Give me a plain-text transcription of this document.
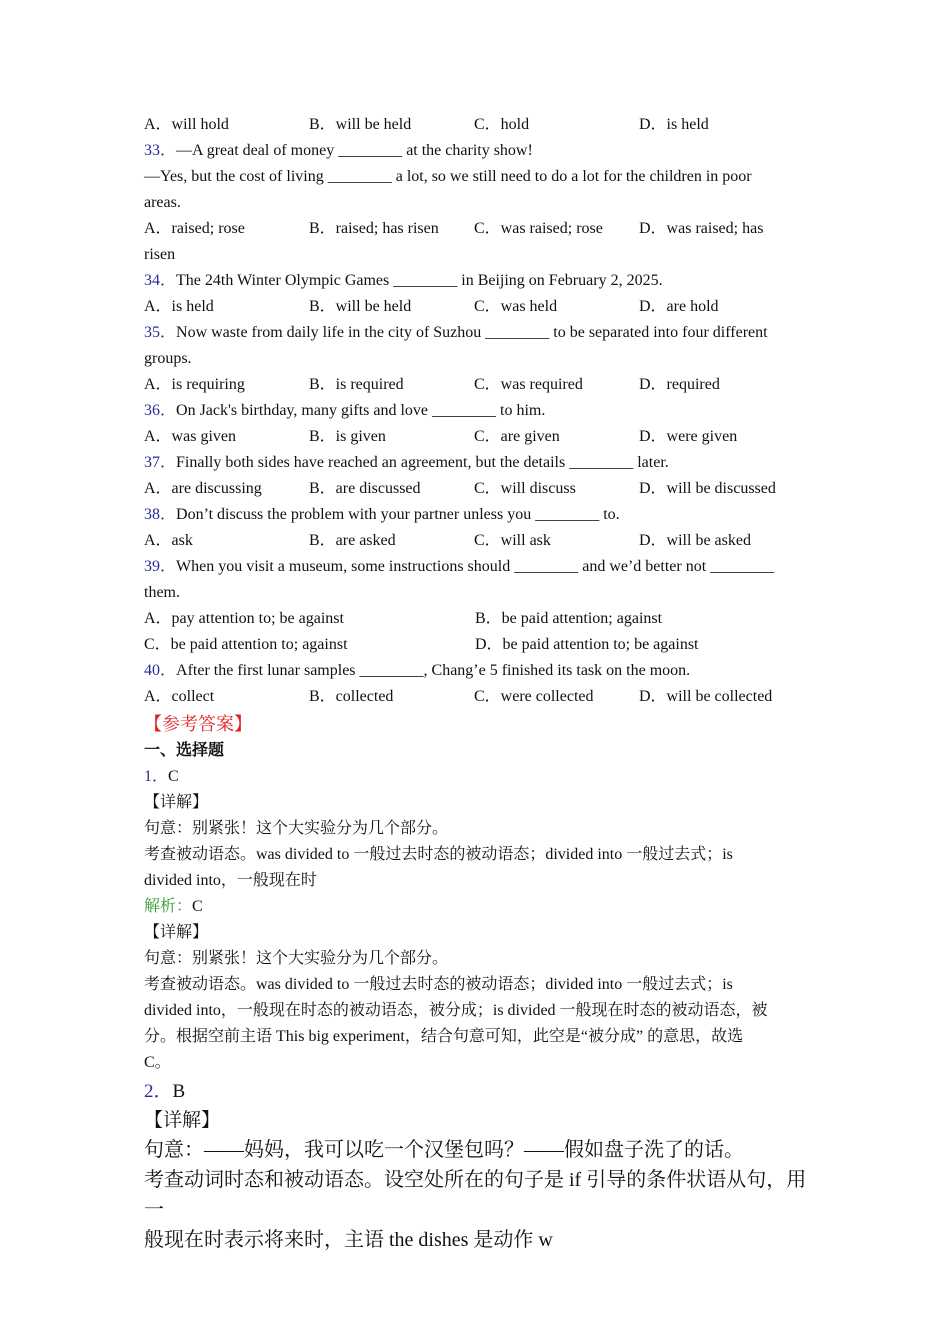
A．will hold	B．will be held	C．hold	D．is held
33．—A great deal of money ________ at the charity show!
—Yes, but the cost of living ________ a lot, so we still need to do a lot for the children in poor
areas.
A．raised; rose	B．raised; has risen	C．was raised; rose	D．was raised; has
risen
34．The 24th Winter Olympic Games ________ in Beijing on February 2, 2025.
A．is held	B．will be held	C．was held	D．are hold
35．Now waste from daily life in the city of Suzhou ________ to be separated into four different
groups.
A．is requiring	B．is required	C．was required	D．required
36．On Jack's birthday, many gifts and love ________ to him.
A．was given	B．is given	C．are given	D．were given
37．Finally both sides have reached an agreement, but the details ________ later.
A．are discussing	B．are discussed	C．will discuss	D．will be discussed
38．Don’t discuss the problem with your partner unless you ________ to.
A．ask	B．are asked	C．will ask	D．will be asked
39．When you visit a museum, some instructions should ________ and we’d better not ________
them.
A．pay attention to; be against	B．be paid attention; against
C．be paid attention to; against	D．be paid attention to; be against
40．After the first lunar samples ________, Chang’e 5 finished its task on the moon.
A．collect	B．collected	C．were collected	D．will be collected
【参考答案】
一、选择题
1．C
【详解】
句意：别紧张！这个大实验分为几个部分。
考查被动语态。was divided to 一般过去时态的被动语态；divided into 一般过去式；is
divided into，一般现在时
解析：C
【详解】
句意：别紧张！这个大实验分为几个部分。
考查被动语态。was divided to 一般过去时态的被动语态；divided into 一般过去式；is
divided into，一般现在时态的被动语态，被分成；is divided 一般现在时态的被动语态，被
分。根据空前主语 This big experiment，结合句意可知，此空是“被分成” 的意思，故选
C。
2．B
【详解】
句意：——妈妈，我可以吃一个汉堡包吗？——假如盘子洗了的话。
考查动词时态和被动语态。设空处所在的句子是 if 引导的条件状语从句，用一
般现在时表示将来时，主语 the dishes 是动作 w
